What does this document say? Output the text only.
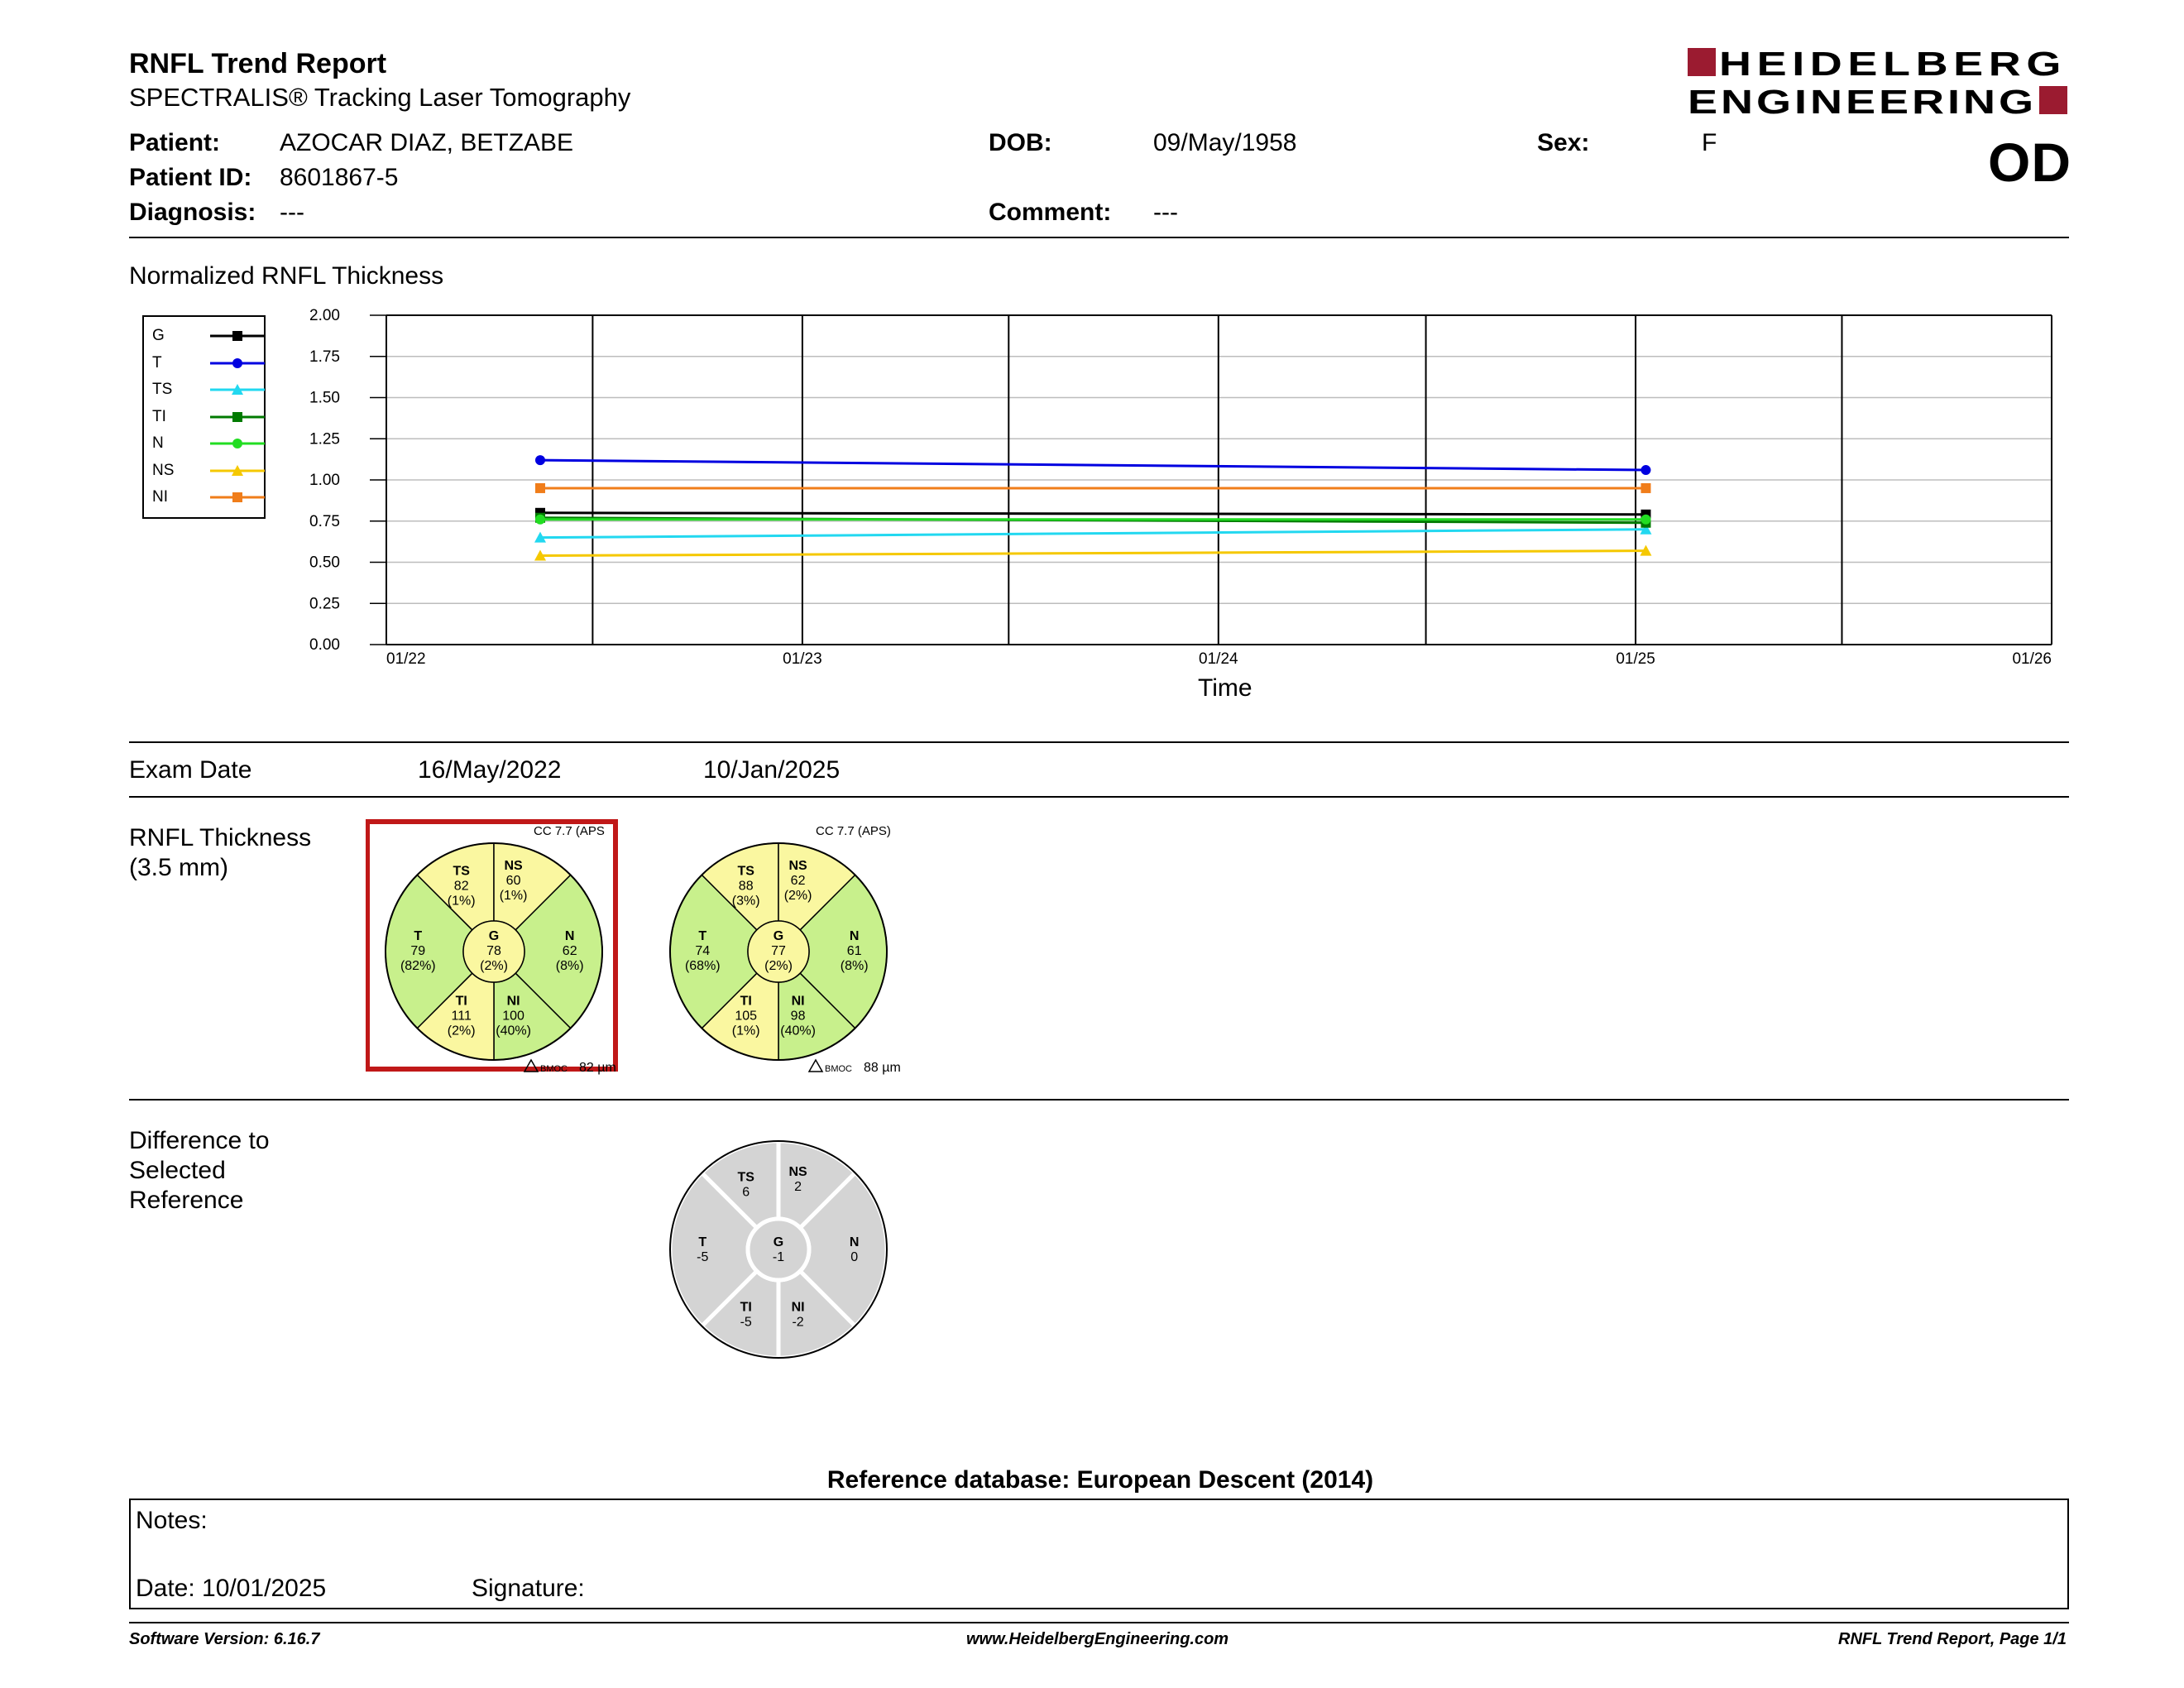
RNFL Trend Report
SPECTRALIS® Tracking Laser Tomography
HEIDELBERG
ENGINEERING
OD
Patient: AZOCAR DIAZ, BETZABE
Patient ID: 8601867-5
Diagnosis: ---
DOB:	09/May/1958
Comment: ---
Sex:	F
Normalized RNFL Thickness
G
T
TS
TI
N
NS
NI
0.00
0.25
0.50
0.75
1.00
1.25
1.50
1.75
2.00
01/22	01/23	01/24	01/25	01/26
Time
Exam Date	16/May/2022	10/Jan/2025
RNFL Thickness
(3.5 mm)
G
78
(2%)
N
62
(8%)
NI
100
(40%)
TI
111
(2%)
T
79
(82%)
TS
82
(1%)
NS
60
(1%)
CC 7.7 (APS
BMOC 82 µm
G
77
(2%)
N
61
(8%)
NI
98
(40%)
TI
105
(1%)
T
74
(68%)
TS
88
(3%)
NS
62
(2%)
CC 7.7 (APS)
BMOC 88 µm
Difference to
Selected
Reference
G
-1
N
0
NI
-2
TI
-5
T
-5
TS
6
NS
2
Reference database: European Descent (2014)
Notes:
Date: 10/01/2025	Signature:
Software Version: 6.16.7	www.HeidelbergEngineering.com	RNFL Trend Report, Page 1/1
